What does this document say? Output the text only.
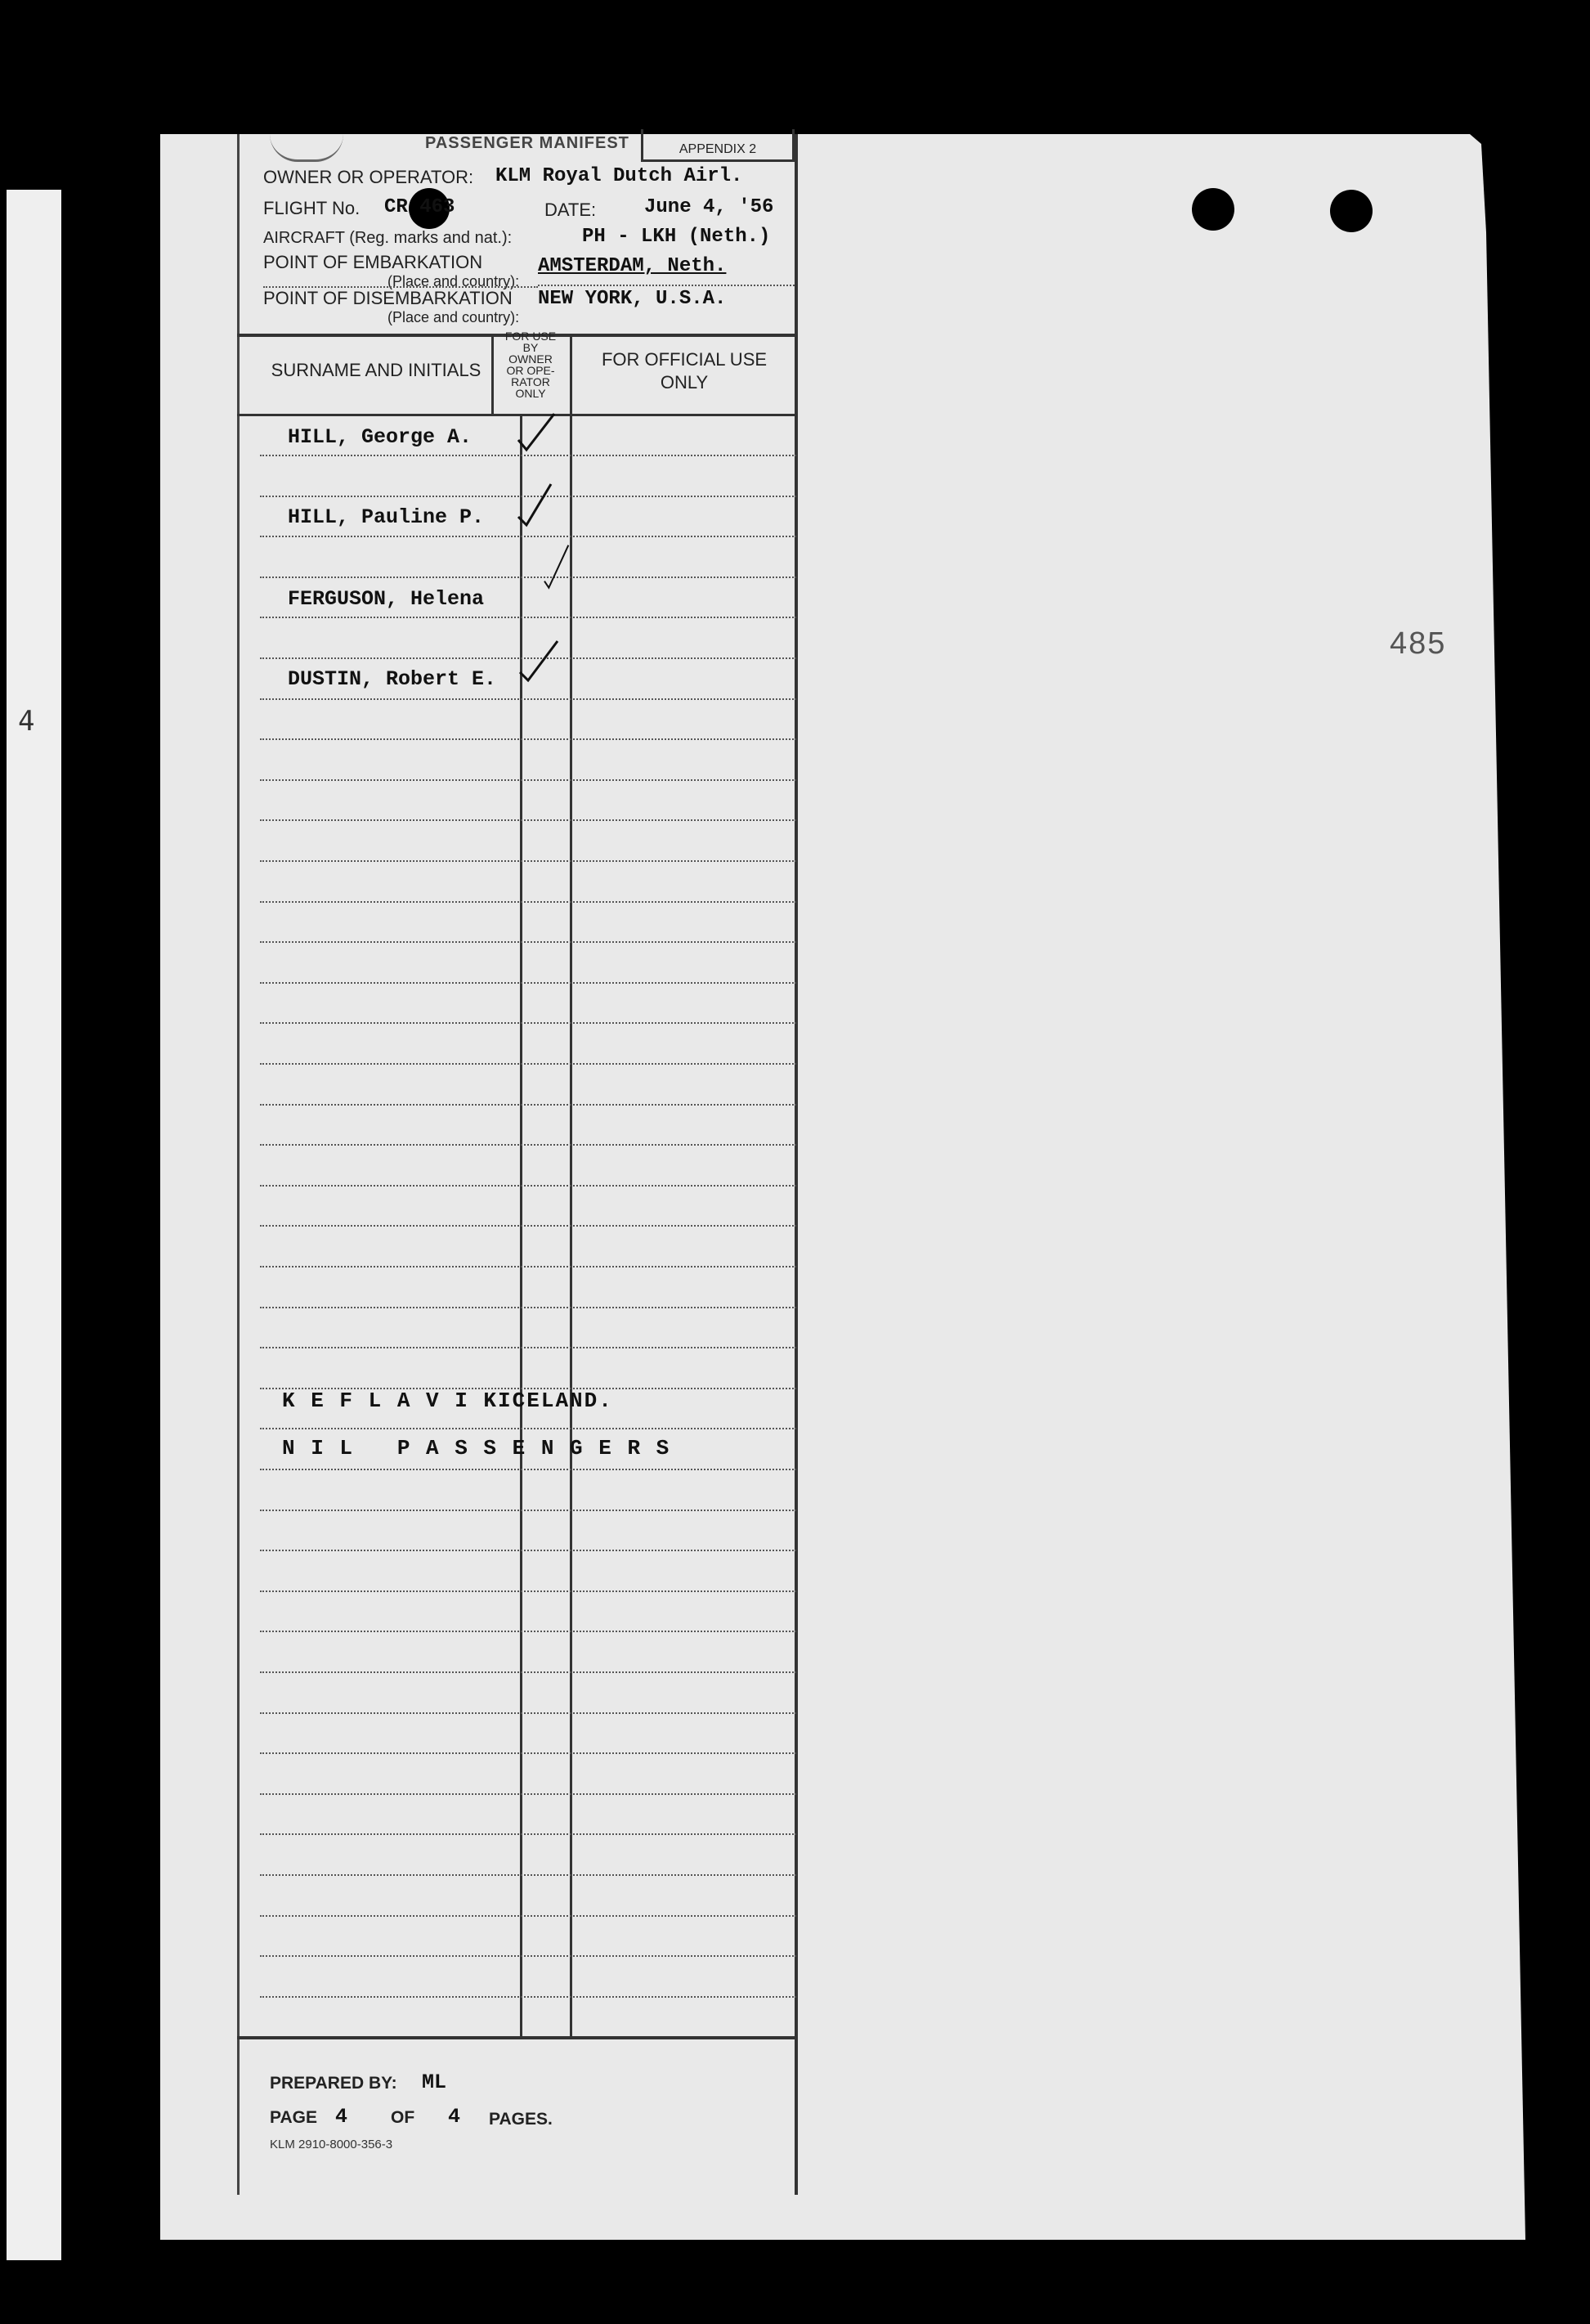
4
485
PASSENGER MANIFEST	APPENDIX 2
OWNER OR OPERATOR:	KLM Royal Dutch Airl.
FLIGHT No.	CR 463	DATE: June 4, '56
AIRCRAFT (Reg. marks and nat.):	PH - LKH (Neth.)
POINT OF EMBARKATION
(Place and country):
AMSTERDAM, Neth.
POINT OF DISEMBARKATION
(Place and country):
NEW YORK, U.S.A.
SURNAME AND INITIALS
FOR USE
BY
OWNER
OR OPE-
RATOR
ONLY
FOR OFFICIAL USE ONLY
HILL, George A.
HILL, Pauline P.
FERGUSON, Helena
DUSTIN, Robert E.
K E F L A V I KICELAND.
N I L   P A S S E N G E R S
PREPARED BY: ML
PAGE 4	OF 4 PAGES.
KLM 2910-8000-356-3
